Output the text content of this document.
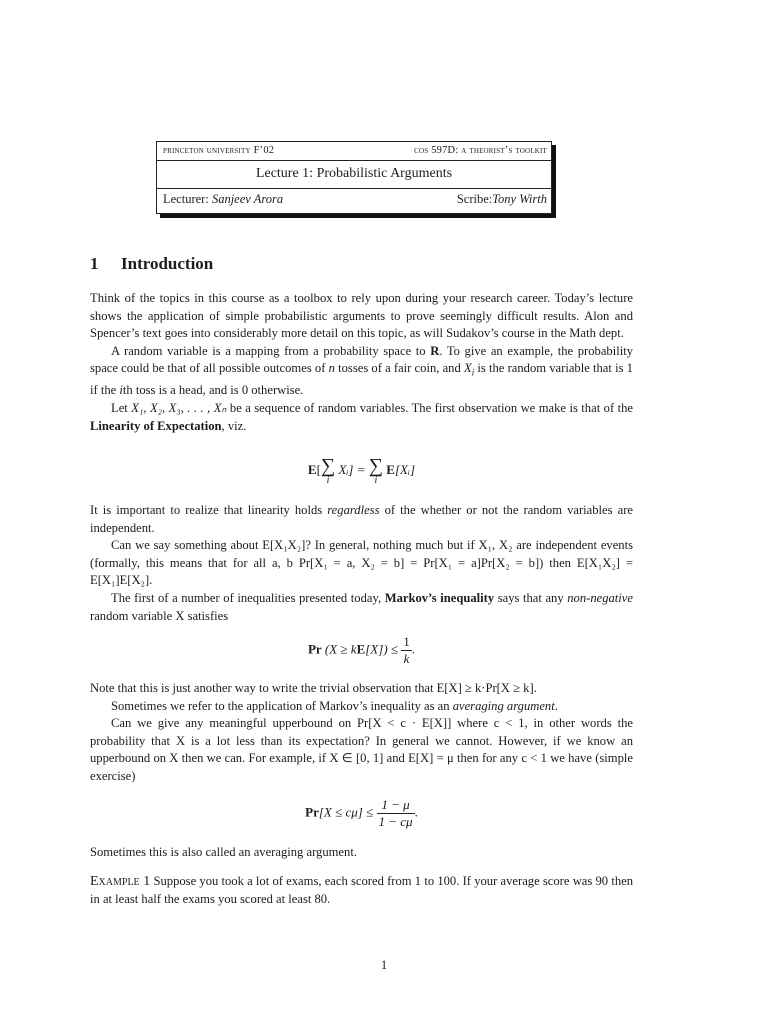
princeton university F’02	cos 597D: a theorist’s toolkit
Lecture 1: Probabilistic Arguments
Lecturer: Sanjeev Arora	Scribe:Tony Wirth
1 Introduction

Think of the topics in this course as a toolbox to rely upon during your research career. Today’s lecture shows the application of simple probabilistic arguments to prove seemingly difficult results. Alon and Spencer’s text goes into considerably more detail on this topic, as will Sudakov’s course in the Math dept.

A random variable is a mapping from a probability space to R. To give an example, the probability space could be that of all possible outcomes of n tosses of a fair coin, and $X_i$ is the random variable that is 1 if the ith toss is a head, and is 0 otherwise.

Let X₁, X₂, X₃, . . . , Xₙ be a sequence of random variables. The first observation we make is that of the Linearity of Expectation, viz.

E[ ∑
i
Xᵢ] = ∑
i
E[Xᵢ]

It is important to realize that linearity holds regardless of the whether or not the random variables are independent.

Can we say something about E[X₁X₂]? In general, nothing much but if X₁, X₂ are independent events (formally, this means that for all a, b Pr[X₁ = a, X₂ = b] = Pr[X₁ = a]Pr[X₂ = b]) then E[X₁X₂] = E[X₁]E[X₂].

The first of a number of inequalities presented today, Markov’s inequality says that any non-negative random variable X satisfies

Pr $(X \ge kE[X]) \le \frac{1}{k}$ .

Note that this is just another way to write the trivial observation that E[X] ≥ k·Pr[X ≥ k].

Sometimes we refer to the application of Markov’s inequality as an averaging argument.

Can we give any meaningful upperbound on Pr[X < c · E[X]] where c < 1, in other words the probability that X is a lot less than its expectation? In general we cannot. However, if we know an upperbound on X then we can. For example, if X ∈ [0, 1] and E[X] = μ then for any c < 1 we have (simple exercise)

$Pr[X \le c\mu] \le \frac{1 - \mu}{1 - c\mu}$ .

Sometimes this is also called an averaging argument.

Example 1 Suppose you took a lot of exams, each scored from 1 to 100. If your average score was 90 then in at least half the exams you scored at least 80.

1
